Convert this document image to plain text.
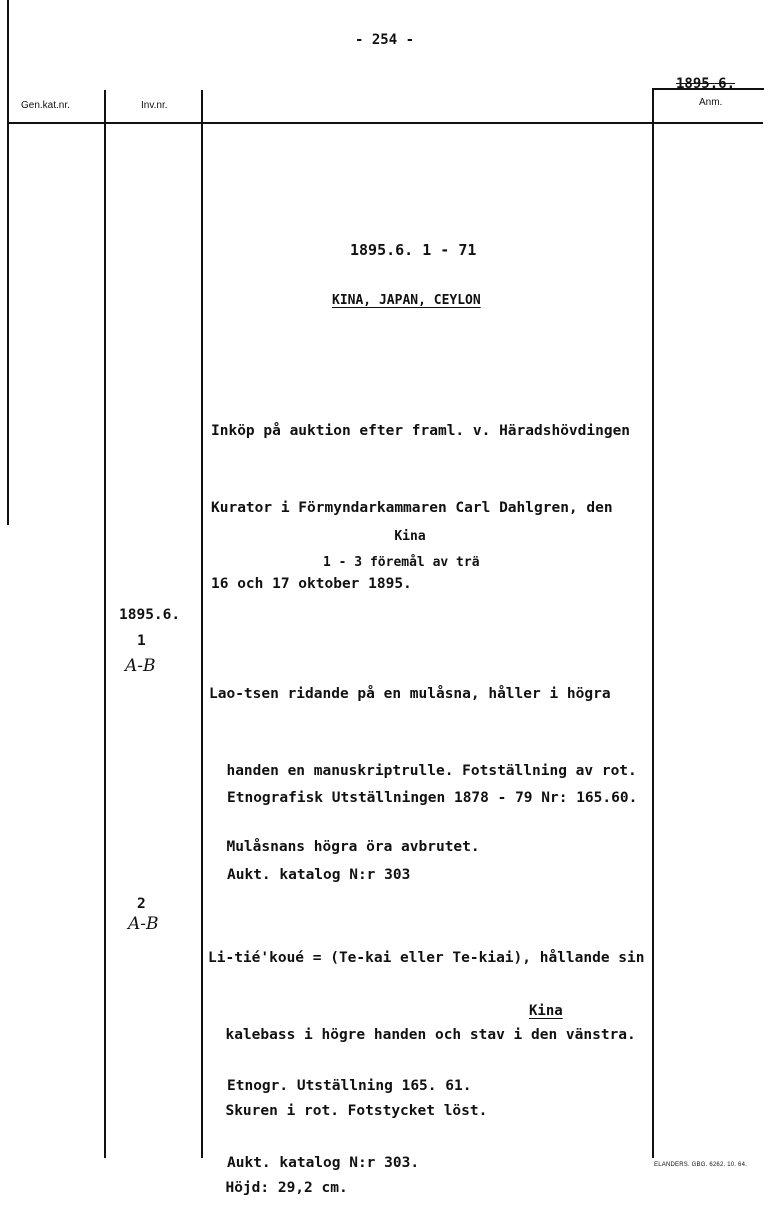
- 254 -
1895.6.
Gen.kat.nr.	Inv.nr.	Anm.
1895.6. 1 - 71
KINA, JAPAN, CEYLON

Inköp på auktion efter framl. v. Häradshövdingen

Kurator i Förmyndarkammaren Carl Dahlgren, den

16 och 17 oktober 1895.

Kina
1 - 3 föremål av trä
1895.6.
1
A-B

Lao-tsen ridande på en mulåsna, håller i högra

handen en manuskriptrulle. Fotställning av rot.

Mulåsnans högra öra avbrutet.

Etnografisk Utställningen 1878 - 79 Nr: 165.60.

Aukt. katalog N:r 303

2
A-B

Li-tié'koué = (Te-kai eller Te-kiai), hållande sin

kalebass i högre handen och stav i den vänstra.

Skuren i rot. Fotstycket löst.

Höjd: 29,2 cm.

Kina

Etnogr. Utställning 165. 61.

Aukt. katalog N:r 303.	ELANDERS. GBG. 6262. 10. 64.
